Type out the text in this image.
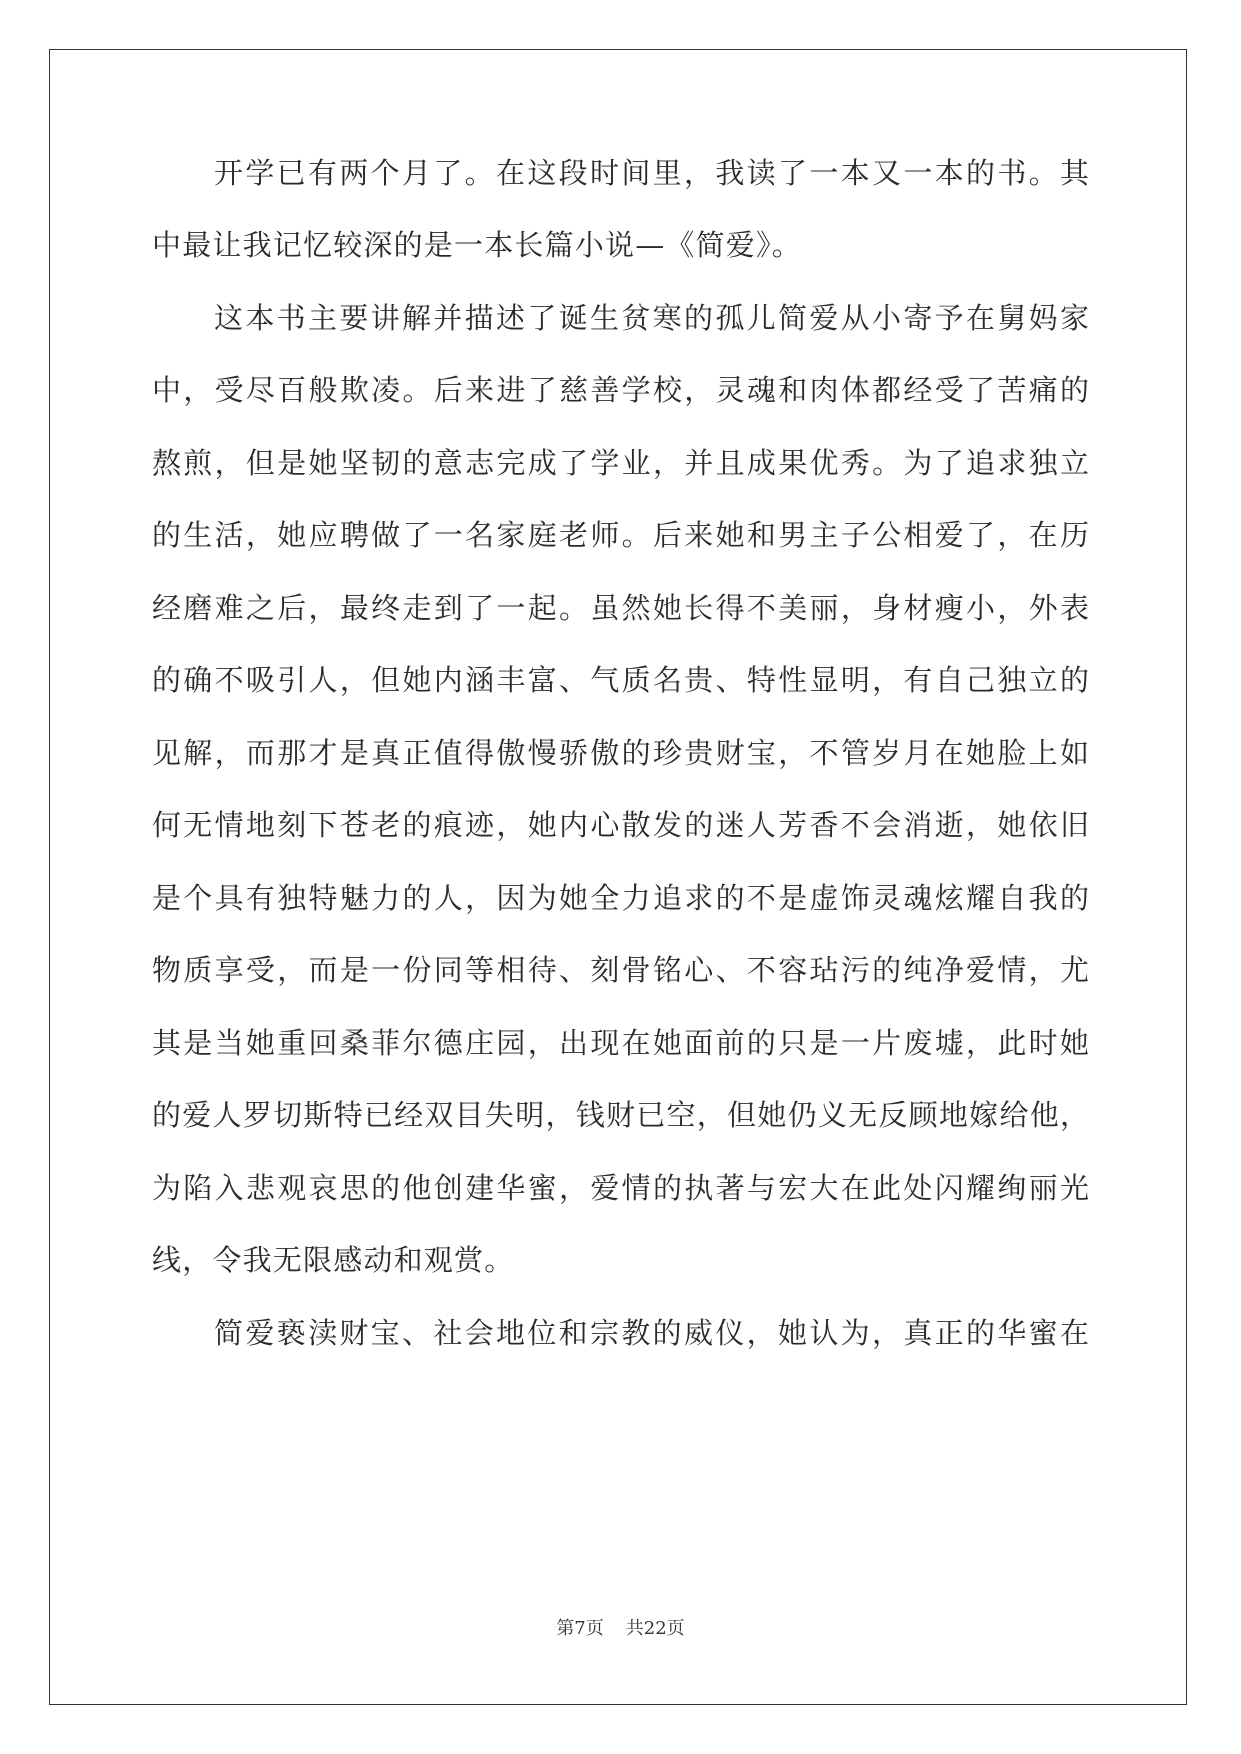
开学已有两个月了。在这段时间里，我读了一本又一本的书。其
中最让我记忆较深的是一本长篇小说—《简爱》。
这本书主要讲解并描述了诞生贫寒的孤儿简爱从小寄予在舅妈家
中，受尽百般欺凌。后来进了慈善学校，灵魂和肉体都经受了苦痛的
熬煎，但是她坚韧的意志完成了学业，并且成果优秀。为了追求独立
的生活，她应聘做了一名家庭老师。后来她和男主子公相爱了，在历
经磨难之后，最终走到了一起。虽然她长得不美丽，身材瘦小，外表
的确不吸引人，但她内涵丰富、气质名贵、特性显明，有自己独立的
见解，而那才是真正值得傲慢骄傲的珍贵财宝，不管岁月在她脸上如
何无情地刻下苍老的痕迹，她内心散发的迷人芳香不会消逝，她依旧
是个具有独特魅力的人，因为她全力追求的不是虚饰灵魂炫耀自我的
物质享受，而是一份同等相待、刻骨铭心、不容玷污的纯净爱情，尤
其是当她重回桑菲尔德庄园，出现在她面前的只是一片废墟，此时她
的爱人罗切斯特已经双目失明，钱财已空，但她仍义无反顾地嫁给他，
为陷入悲观哀思的他创建华蜜，爱情的执著与宏大在此处闪耀绚丽光
线，令我无限感动和观赏。
简爱亵渎财宝、社会地位和宗教的威仪，她认为，真正的华蜜在
第7页 共22页
